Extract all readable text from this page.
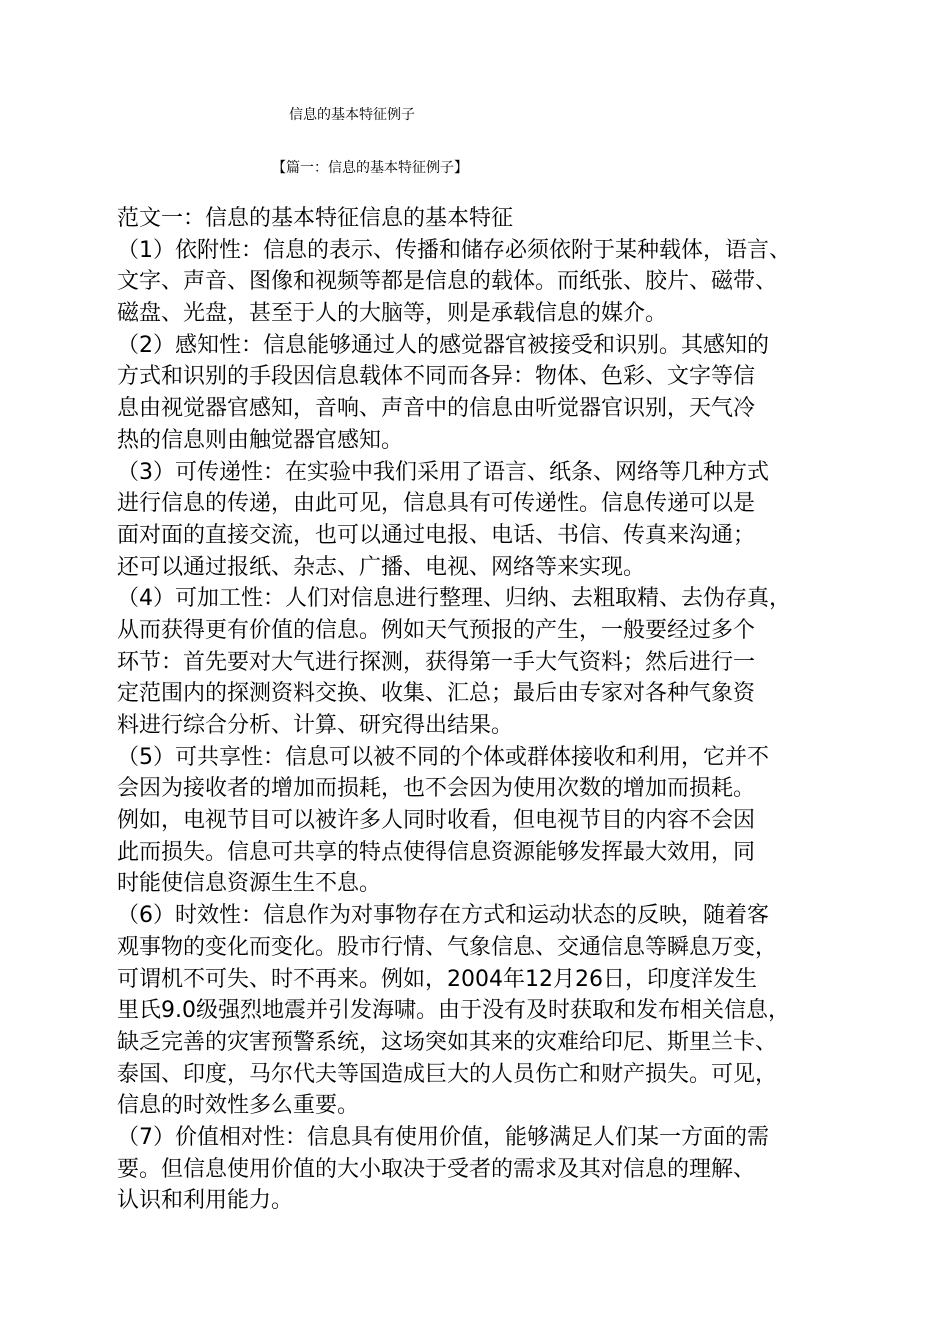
信息的基本特征例子
【篇一：信息的基本特征例子】
范文一：信息的基本特征信息的基本特征
（1）依附性：信息的表示、传播和储存必须依附于某种载体，语言、
文字、声音、图像和视频等都是信息的载体。而纸张、胶片、磁带、
磁盘、光盘，甚至于人的大脑等，则是承载信息的媒介。
（2）感知性：信息能够通过人的感觉器官被接受和识别。其感知的
方式和识别的手段因信息载体不同而各异：物体、色彩、文字等信
息由视觉器官感知，音响、声音中的信息由听觉器官识别，天气冷
热的信息则由触觉器官感知。
（3）可传递性：在实验中我们采用了语言、纸条、网络等几种方式
进行信息的传递，由此可见，信息具有可传递性。信息传递可以是
面对面的直接交流，也可以通过电报、电话、书信、传真来沟通；
还可以通过报纸、杂志、广播、电视、网络等来实现。
（4）可加工性：人们对信息进行整理、归纳、去粗取精、去伪存真，
从而获得更有价值的信息。例如天气预报的产生，一般要经过多个
环节：首先要对大气进行探测，获得第一手大气资料；然后进行一
定范围内的探测资料交换、收集、汇总；最后由专家对各种气象资
料进行综合分析、计算、研究得出结果。
（5）可共享性：信息可以被不同的个体或群体接收和利用，它并不
会因为接收者的增加而损耗，也不会因为使用次数的增加而损耗。
例如，电视节目可以被许多人同时收看，但电视节目的内容不会因
此而损失。信息可共享的特点使得信息资源能够发挥最大效用，同
时能使信息资源生生不息。
（6）时效性：信息作为对事物存在方式和运动状态的反映，随着客
观事物的变化而变化。股市行情、气象信息、交通信息等瞬息万变，
可谓机不可失、时不再来。例如，2004年12月26日，印度洋发生
里氏9.0级强烈地震并引发海啸。由于没有及时获取和发布相关信息，
缺乏完善的灾害预警系统，这场突如其来的灾难给印尼、斯里兰卡、
泰国、印度，马尔代夫等国造成巨大的人员伤亡和财产损失。可见，
信息的时效性多么重要。
（7）价值相对性：信息具有使用价值，能够满足人们某一方面的需
要。但信息使用价值的大小取决于受者的需求及其对信息的理解、
认识和利用能力。
